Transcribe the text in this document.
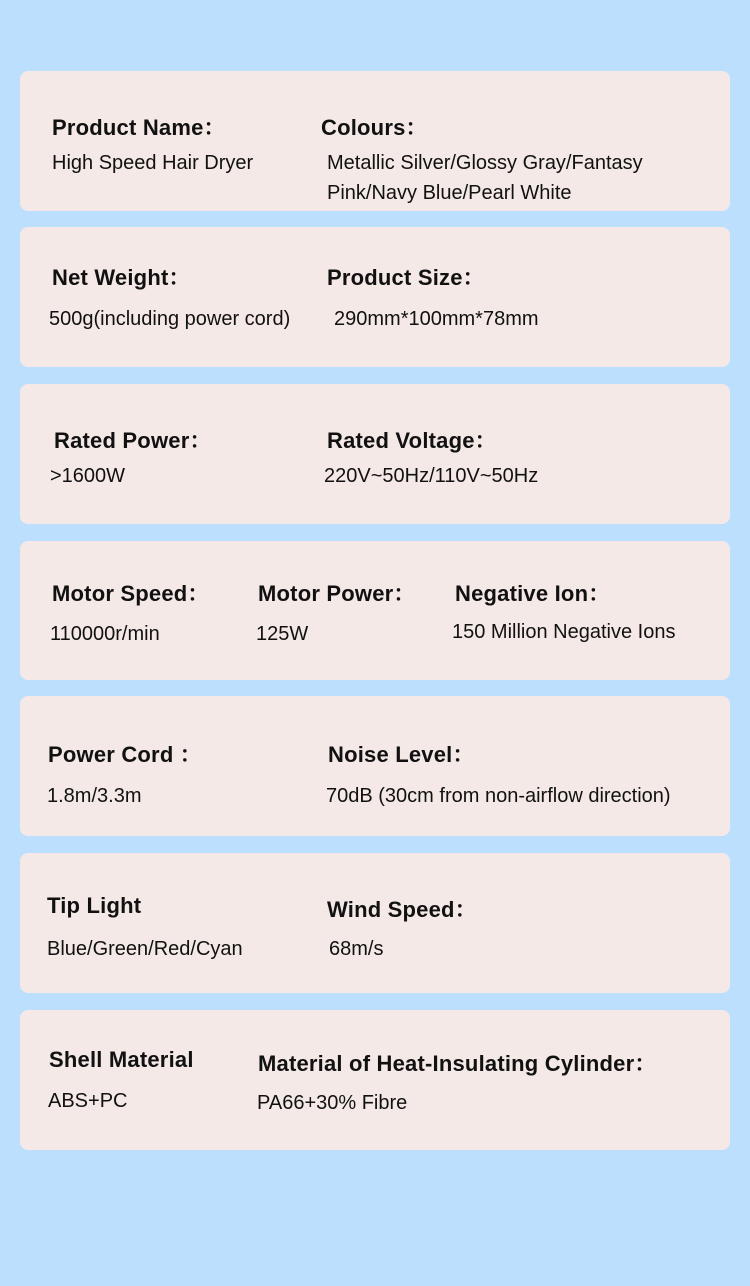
Product Name：
High Speed Hair Dryer
Colours：
Metallic Silver/Glossy Gray/Fantasy Pink/Navy Blue/Pearl White
Net Weight：
500g(including power cord)
Product Size：
290mm*100mm*78mm
Rated Power：
>1600W
Rated Voltage：
220V~50Hz/110V~50Hz
Motor Speed：
110000r/min
Motor Power：
125W
Negative Ion：
150 Million Negative Ions
Power Cord ：
1.8m/3.3m
Noise Level：
70dB (30cm from non-airflow direction)
Tip Light
Blue/Green/Red/Cyan
Wind Speed：
68m/s
Shell Material
ABS+PC
Material of Heat-Insulating Cylinder：
PA66+30% Fibre
